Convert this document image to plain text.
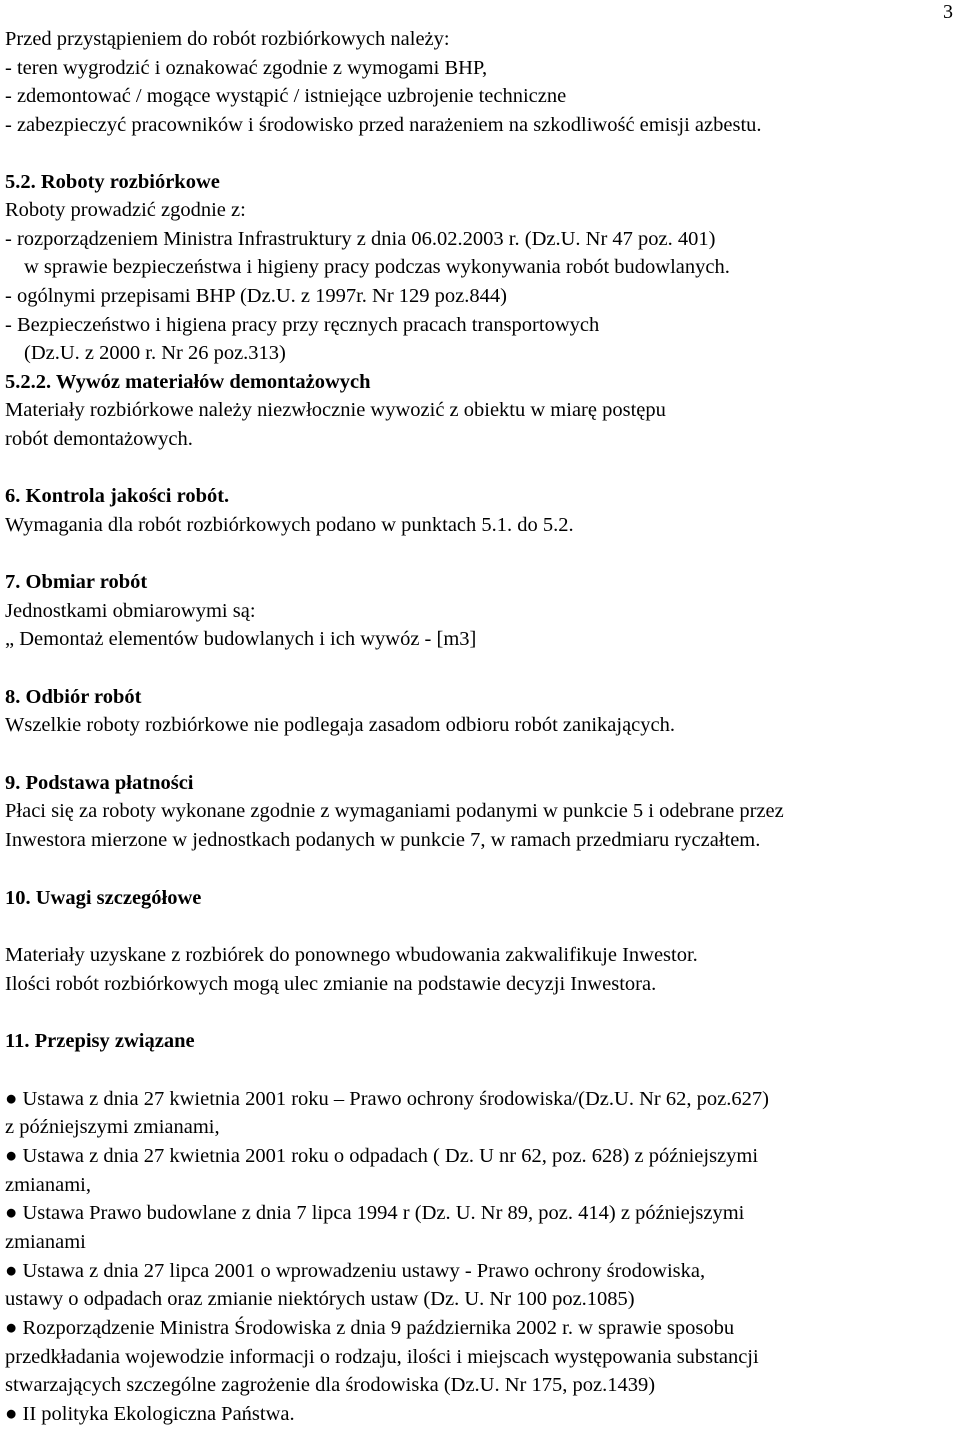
3
Przed przystąpieniem do robót rozbiórkowych należy:
- teren wygrodzić i oznakować zgodnie z wymogami BHP,
- zdemontować / mogące wystąpić / istniejące uzbrojenie techniczne
- zabezpieczyć pracowników i środowisko przed narażeniem na szkodliwość emisji azbestu.
5.2. Roboty rozbiórkowe
Roboty prowadzić zgodnie z:
- rozporządzeniem Ministra Infrastruktury z dnia 06.02.2003 r. (Dz.U. Nr 47 poz. 401)
w sprawie bezpieczeństwa i higieny pracy podczas wykonywania robót budowlanych.
- ogólnymi przepisami BHP (Dz.U. z 1997r. Nr 129 poz.844)
- Bezpieczeństwo i higiena pracy przy ręcznych pracach transportowych
(Dz.U. z 2000 r. Nr 26 poz.313)
5.2.2. Wywóz materiałów demontażowych
Materiały rozbiórkowe należy niezwłocznie wywozić z obiektu w miarę postępu
robót demontażowych.
6. Kontrola jakości robót.
Wymagania dla robót rozbiórkowych podano w punktach 5.1. do 5.2.
7. Obmiar robót
Jednostkami obmiarowymi są:
„ Demontaż elementów budowlanych i ich wywóz - [m3]
8. Odbiór robót
Wszelkie roboty rozbiórkowe nie podlegaja zasadom odbioru robót zanikających.
9. Podstawa płatności
Płaci się za roboty wykonane zgodnie z wymaganiami podanymi w punkcie 5 i odebrane przez
Inwestora mierzone w jednostkach podanych w punkcie 7, w ramach przedmiaru ryczałtem.
10. Uwagi szczegółowe
Materiały uzyskane z rozbiórek do ponownego wbudowania zakwalifikuje Inwestor.
Ilości robót rozbiórkowych mogą ulec zmianie na podstawie decyzji Inwestora.
11. Przepisy związane
● Ustawa z dnia 27 kwietnia 2001 roku – Prawo ochrony środowiska/(Dz.U. Nr 62, poz.627)
z późniejszymi zmianami,
● Ustawa z dnia 27 kwietnia 2001 roku o odpadach ( Dz. U nr 62, poz. 628) z późniejszymi
zmianami,
● Ustawa Prawo budowlane z dnia 7 lipca 1994 r (Dz. U. Nr 89, poz. 414) z późniejszymi
zmianami
● Ustawa z dnia 27 lipca 2001 o wprowadzeniu ustawy - Prawo ochrony środowiska,
ustawy o odpadach oraz zmianie niektórych ustaw (Dz. U. Nr 100 poz.1085)
● Rozporządzenie Ministra Środowiska z dnia 9 października 2002 r. w sprawie sposobu
przedkładania wojewodzie informacji o rodzaju, ilości i miejscach występowania substancji
stwarzających szczególne zagrożenie dla środowiska (Dz.U. Nr 175, poz.1439)
● II polityka Ekologiczna Państwa.
